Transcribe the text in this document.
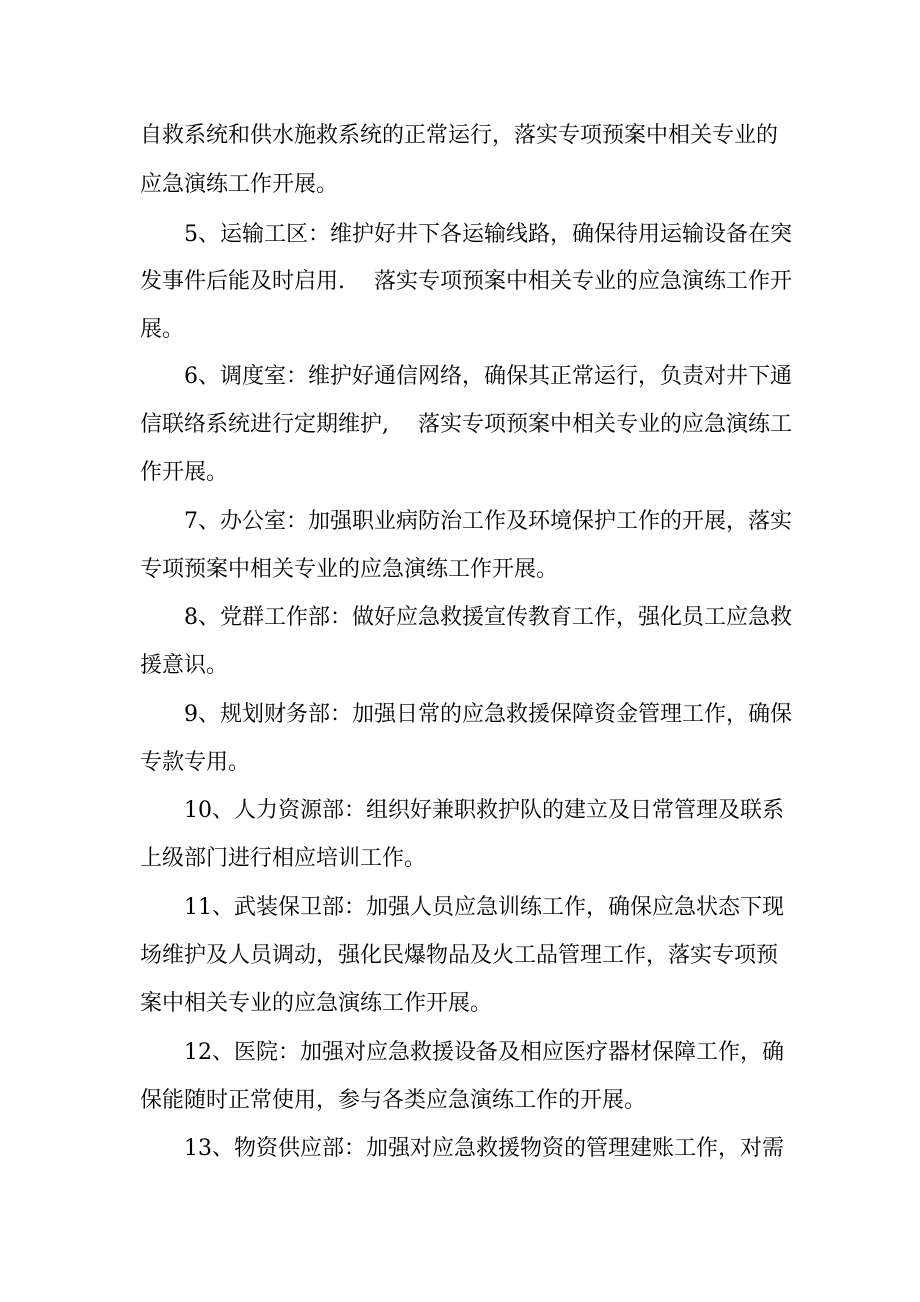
自救系统和供水施救系统的正常运行，落实专项预案中相关专业的
应急演练工作开展。
5、运输工区：维护好井下各运输线路，确保待用运输设备在突
发事件后能及时启用.　 落实专项预案中相关专业的应急演练工作开
展。
6、调度室：维护好通信网络，确保其正常运行，负责对井下通
信联络系统进行定期维护,　 落实专项预案中相关专业的应急演练工
作开展。
7、办公室：加强职业病防治工作及环境保护工作的开展，落实
专项预案中相关专业的应急演练工作开展。
8、党群工作部：做好应急救援宣传教育工作，强化员工应急救
援意识。
9、规划财务部：加强日常的应急救援保障资金管理工作，确保
专款专用。
10、人力资源部：组织好兼职救护队的建立及日常管理及联系
上级部门进行相应培训工作。
11、武装保卫部：加强人员应急训练工作，确保应急状态下现
场维护及人员调动，强化民爆物品及火工品管理工作，落实专项预
案中相关专业的应急演练工作开展。
12、医院：加强对应急救援设备及相应医疗器材保障工作，确
保能随时正常使用，参与各类应急演练工作的开展。
13、物资供应部：加强对应急救援物资的管理建账工作，对需
